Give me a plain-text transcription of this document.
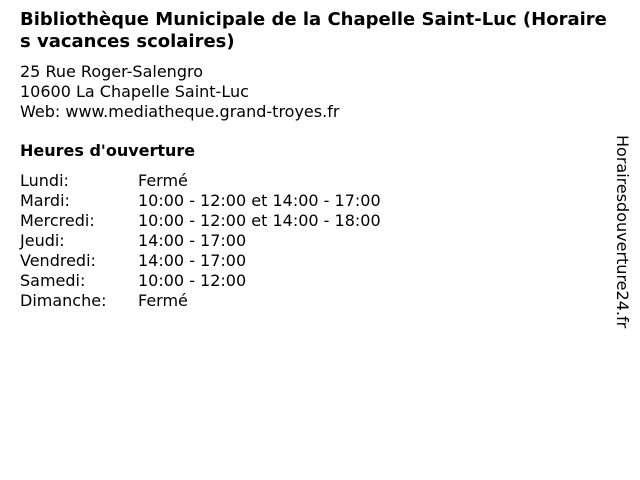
Bibliothèque Municipale de la Chapelle Saint-Luc (Horaires vacances scolaires)
25 Rue Roger-Salengro
10600 La Chapelle Saint-Luc
Web: www.mediatheque.grand-troyes.fr
Heures d'ouverture
Lundi:	Fermé
Mardi:	10:00 - 12:00 et 14:00 - 17:00
Mercredi:	10:00 - 12:00 et 14:00 - 18:00
Jeudi:	14:00 - 17:00
Vendredi:	14:00 - 17:00
Samedi:	10:00 - 12:00
Dimanche:	Fermé	Horairesdouverture24.fr
